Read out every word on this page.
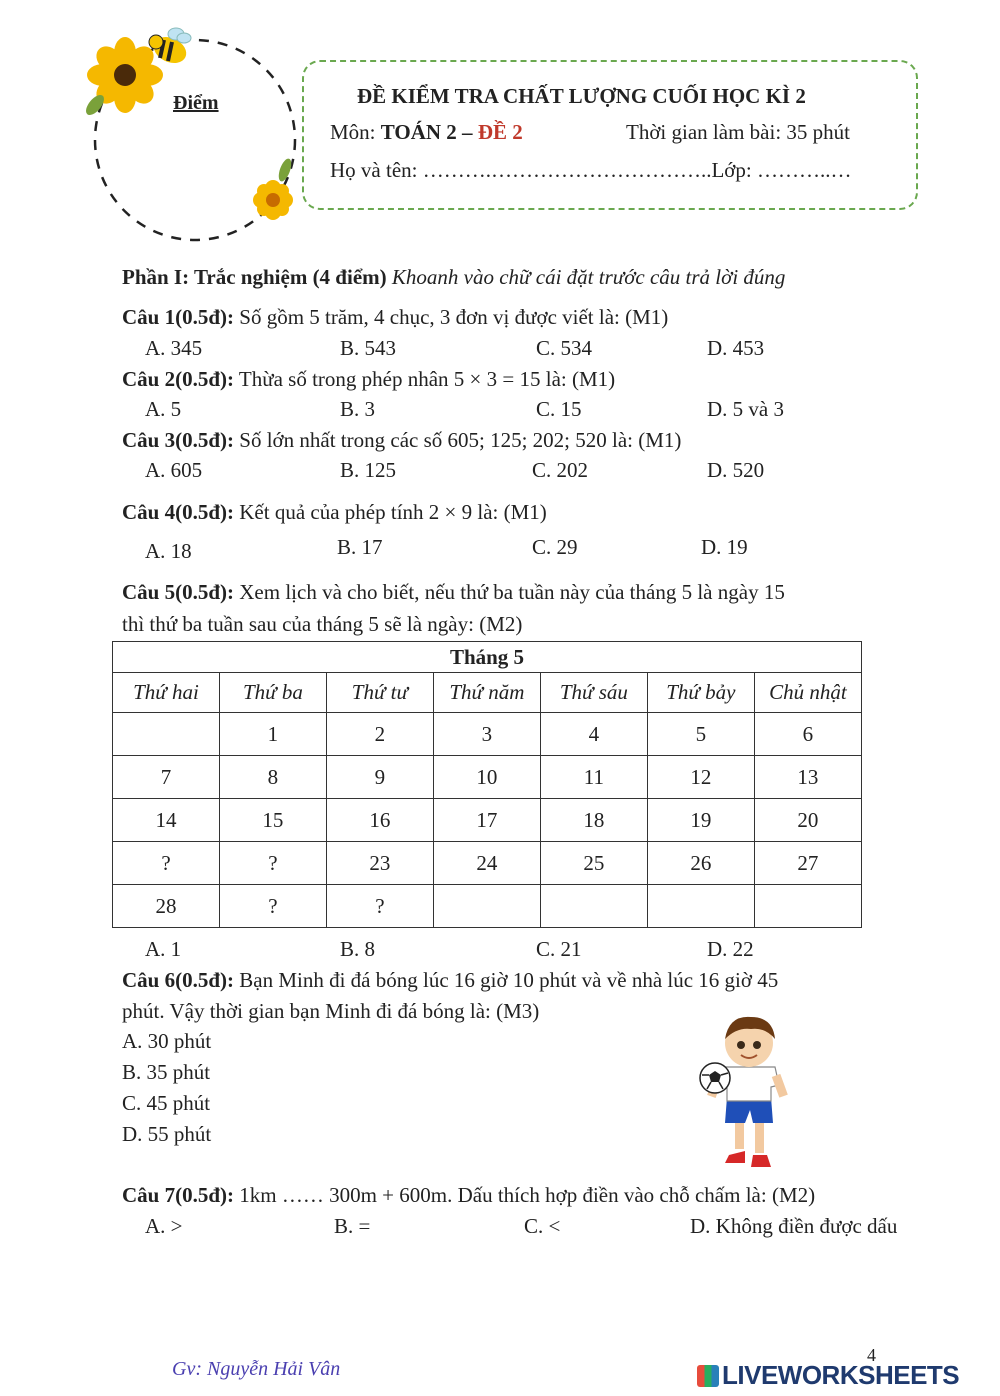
Điểm	ĐỀ KIỂM TRA CHẤT LƯỢNG CUỐI HỌC KÌ 2
Môn: TOÁN 2 – ĐỀ 2	Thời gian làm bài: 35 phút
Họ và tên: ……….…………………………..Lớp: ………..…
Phần I: Trắc nghiệm (4 điểm) Khoanh vào chữ cái đặt trước câu trả lời đúng
Câu 1(0.5đ): Số gồm 5 trăm, 4 chục, 3 đơn vị được viết là: (M1)
A. 345	B. 543	C. 534	D. 453
Câu 2(0.5đ): Thừa số trong phép nhân 5 × 3 = 15 là: (M1)
A. 5	B. 3	C. 15	D. 5 và 3
Câu 3(0.5đ): Số lớn nhất trong các số 605; 125; 202; 520 là: (M1)
A. 605	B. 125	C. 202	D. 520
Câu 4(0.5đ): Kết quả của phép tính 2 × 9 là: (M1)
A. 18	B. 17	C. 29	D. 19
Câu 5(0.5đ): Xem lịch và cho biết, nếu thứ ba tuần này của tháng 5 là ngày 15
thì thứ ba tuần sau của tháng 5 sẽ là ngày: (M2)
Tháng 5						
Thứ hai	Thứ ba	Thứ tư	Thứ năm	Thứ sáu	Thứ bảy	Chủ nhật
	1	2	3	4	5	6
7	8	9	10	11	12	13
14	15	16	17	18	19	20
?	?	23	24	25	26	27
28	?	?				
A. 1	B. 8	C. 21	D. 22
Câu 6(0.5đ): Bạn Minh đi đá bóng lúc 16 giờ 10 phút và về nhà lúc 16 giờ 45
phút. Vậy thời gian bạn Minh đi đá bóng là: (M3)
A. 30 phút
B. 35 phút
C. 45 phút
D. 55 phút
Câu 7(0.5đ): 1km …… 300m + 600m. Dấu thích hợp điền vào chỗ chấm là: (M2)
A. >	B. =	C. <	D. Không điền được dấu
Gv: Nguyễn Hải Vân
4
LIVEWORKSHEETS
